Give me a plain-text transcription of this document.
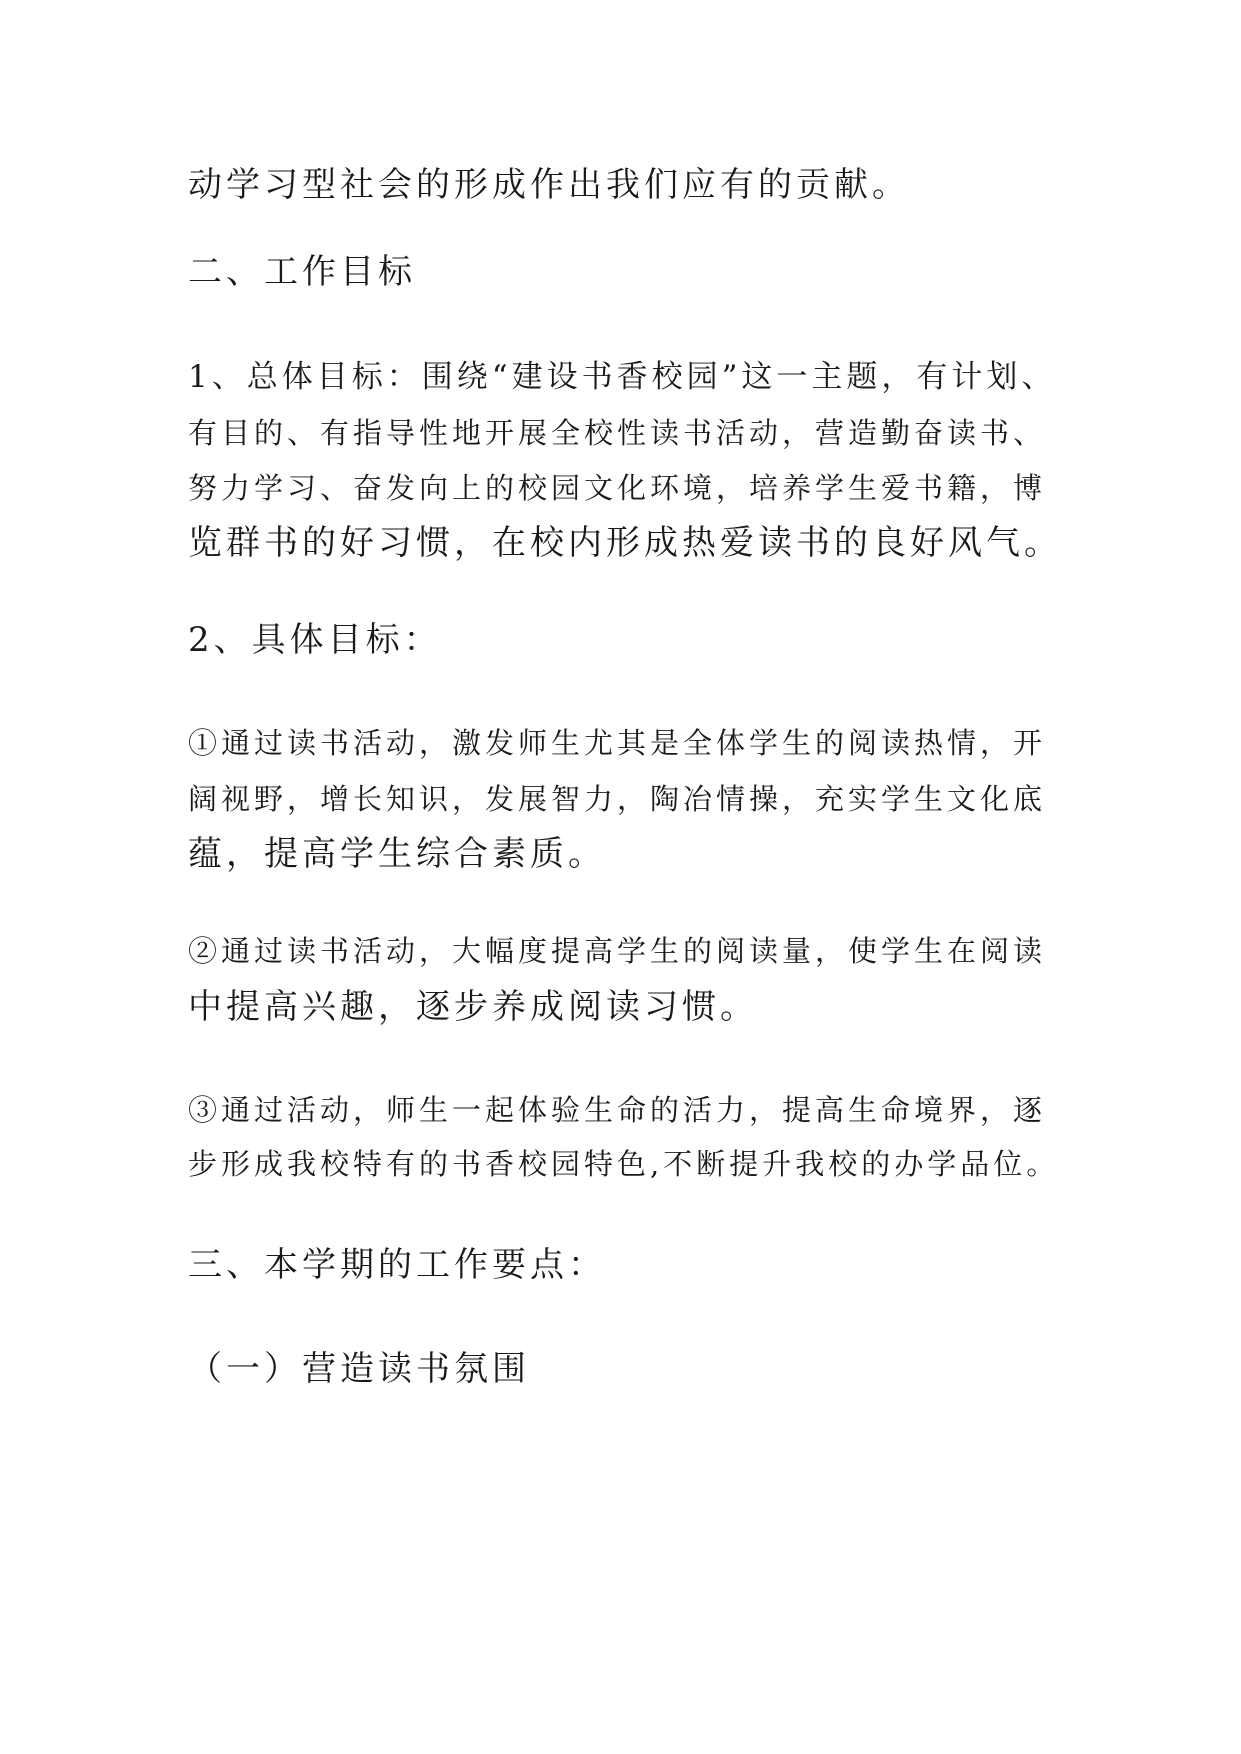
动学习型社会的形成作出我们应有的贡献。

二、工作目标

1、总体目标：围绕“建设书香校园”这一主题，有计划、

有目的、有指导性地开展全校性读书活动，营造勤奋读书、

努力学习、奋发向上的校园文化环境，培养学生爱书籍，博

览群书的好习惯，在校内形成热爱读书的良好风气。

2、具体目标：

①通过读书活动，激发师生尤其是全体学生的阅读热情，开

阔视野，增长知识，发展智力，陶冶情操，充实学生文化底

蕴，提高学生综合素质。

②通过读书活动，大幅度提高学生的阅读量，使学生在阅读

中提高兴趣，逐步养成阅读习惯。

③通过活动，师生一起体验生命的活力，提高生命境界，逐

步形成我校特有的书香校园特色,不断提升我校的办学品位。

三、本学期的工作要点：

（一）营造读书氛围
